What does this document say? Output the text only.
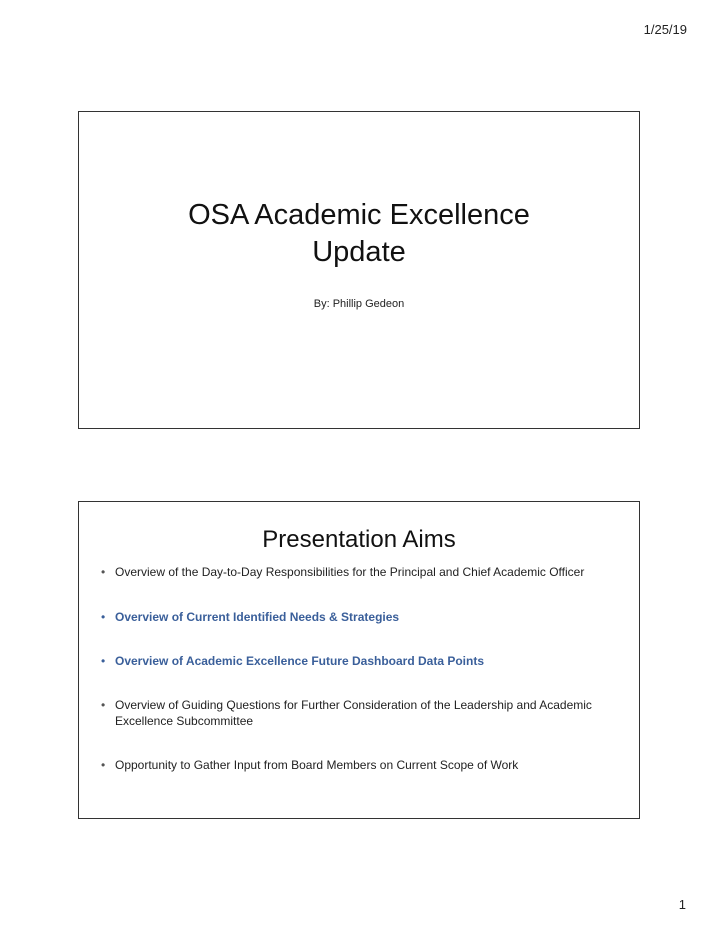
1/25/19
OSA Academic Excellence
Update
By: Phillip Gedeon
Presentation Aims
• Overview of the Day-to-Day Responsibilities for the Principal and Chief Academic Officer
• Overview of Current Identified Needs & Strategies
• Overview of Academic Excellence Future Dashboard Data Points
• Overview of Guiding Questions for Further Consideration of the Leadership and Academic Excellence Subcommittee
• Opportunity to Gather Input from Board Members on Current Scope of Work
1
